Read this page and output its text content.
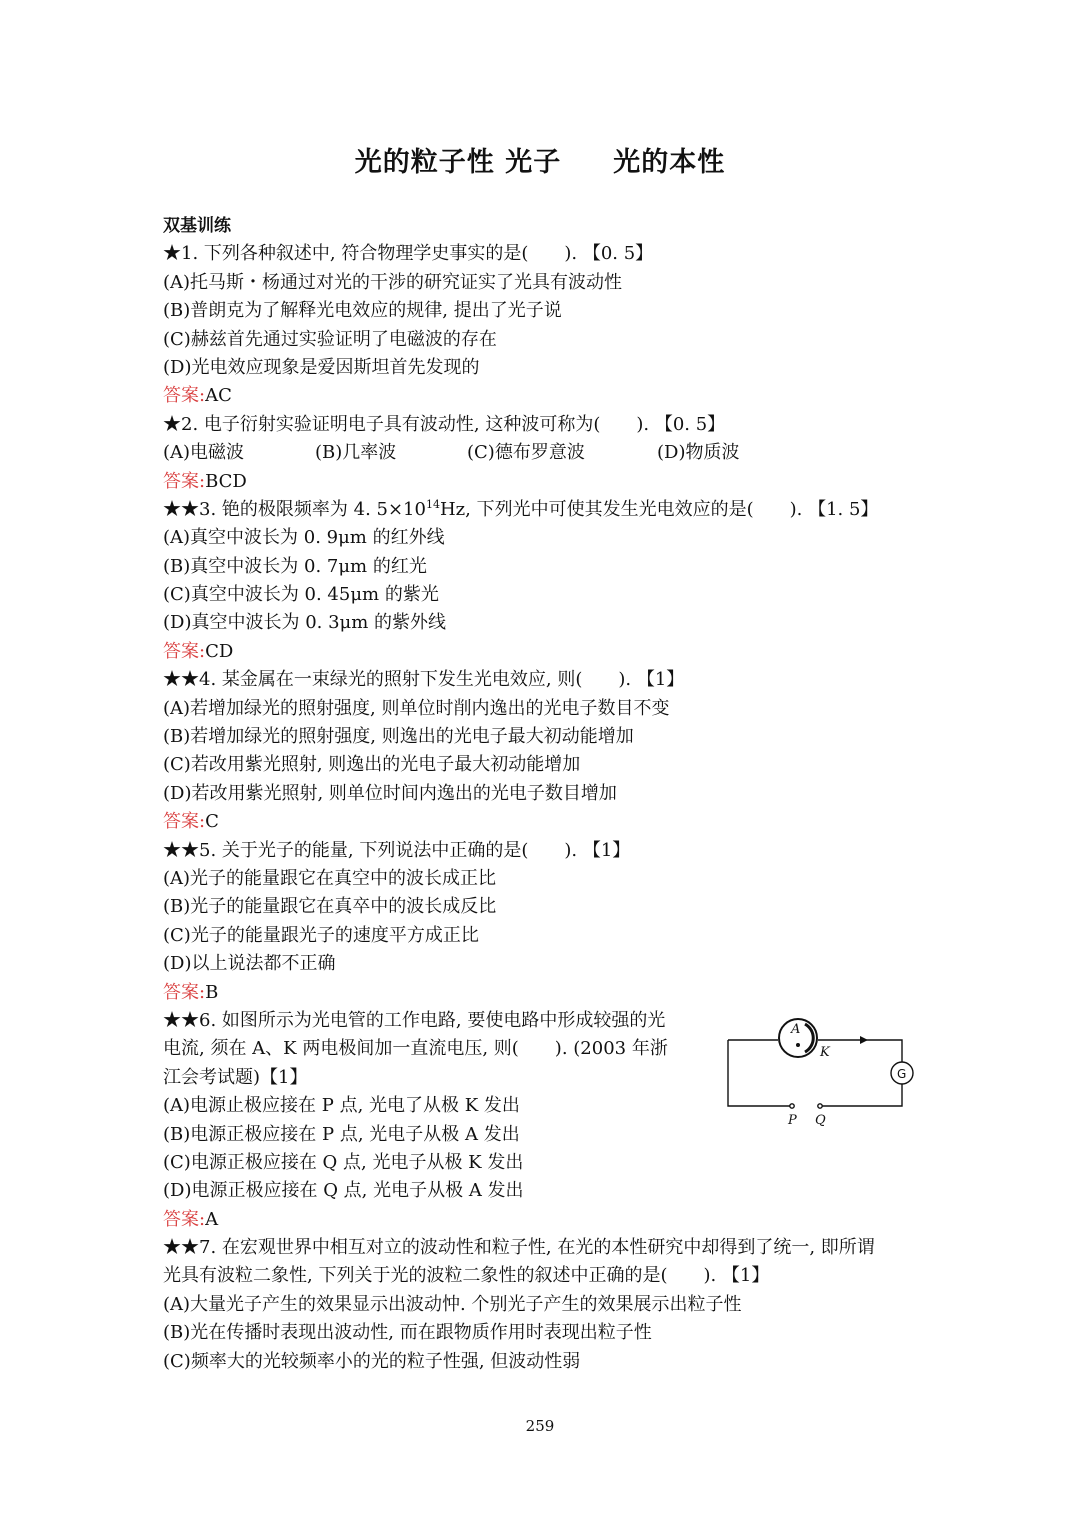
光的粒子性 光子 光的本性
双基训练
★1. 下列各种叙述中, 符合物理学史事实的是(　　). 【0. 5】
(A)托马斯・杨通过对光的干涉的研究证实了光具有波动性
(B)普朗克为了解释光电效应的规律, 提出了光子说
(C)赫兹首先通过实验证明了电磁波的存在
(D)光电效应现象是爱因斯坦首先发现的
答案:AC
★2. 电子衍射实验证明电子具有波动性, 这种波可称为(　　). 【0. 5】
(A)电磁波	(B)几率波	(C)德布罗意波	(D)物质波
答案:BCD
★★3. 铯的极限频率为 4. $5\times 10^{14}Hz$, 下列光中可使其发生光电效应的是(　　). 【1. 5】
(A)真空中波长为 0. 9μm 的红外线
(B)真空中波长为 0. 7μm 的红光
(C)真空中波长为 0. 45μm 的紫光
(D)真空中波长为 0. 3μm 的紫外线
答案:CD
★★4. 某金属在一束绿光的照射下发生光电效应, 则(　　). 【1】
(A)若增加绿光的照射强度, 则单位时削内逸出的光电子数目不变
(B)若增加绿光的照射强度, 则逸出的光电子最大初动能增加
(C)若改用紫光照射, 则逸出的光电子最大初动能增加
(D)若改用紫光照射, 则单位时间内逸出的光电子数目增加
答案:C
★★5. 关于光子的能量, 下列说法中正确的是(　　). 【1】
(A)光子的能量跟它在真空中的波长成正比
(B)光子的能量跟它在真卒中的波长成反比
(C)光子的能量跟光子的速度平方成正比
(D)以上说法都不正确
答案:B
★★6. 如图所示为光电管的工作电路, 要使电路中形成较强的光
电流, 须在 A、K 两电极间加一直流电压, 则(　　). (2003 年浙
江会考试题)【1】
(A)电源止极应接在 P 点, 光电了从极 K 发出
(B)电源正极应接在 P 点, 光电子从极 A 发出
(C)电源正极应接在 Q 点, 光电子从极 K 发出
(D)电源正极应接在 Q 点, 光电子从极 A 发出
答案:A
★★7. 在宏观世界中相互对立的波动性和粒子性, 在光的本性研究中却得到了统一, 即所谓
光具有波粒二象性, 下列关于光的波粒二象性的叙述中正确的是(　　). 【1】
(A)大量光子产生的效果显示出波动忡. 个别光子产生的效果展示出粒子性
(B)光在传播时表现出波动性, 而在跟物质作用时表现出粒子性
(C)频率大的光较频率小的光的粒子性强, 但波动性弱
A
K
G
P Q
259
